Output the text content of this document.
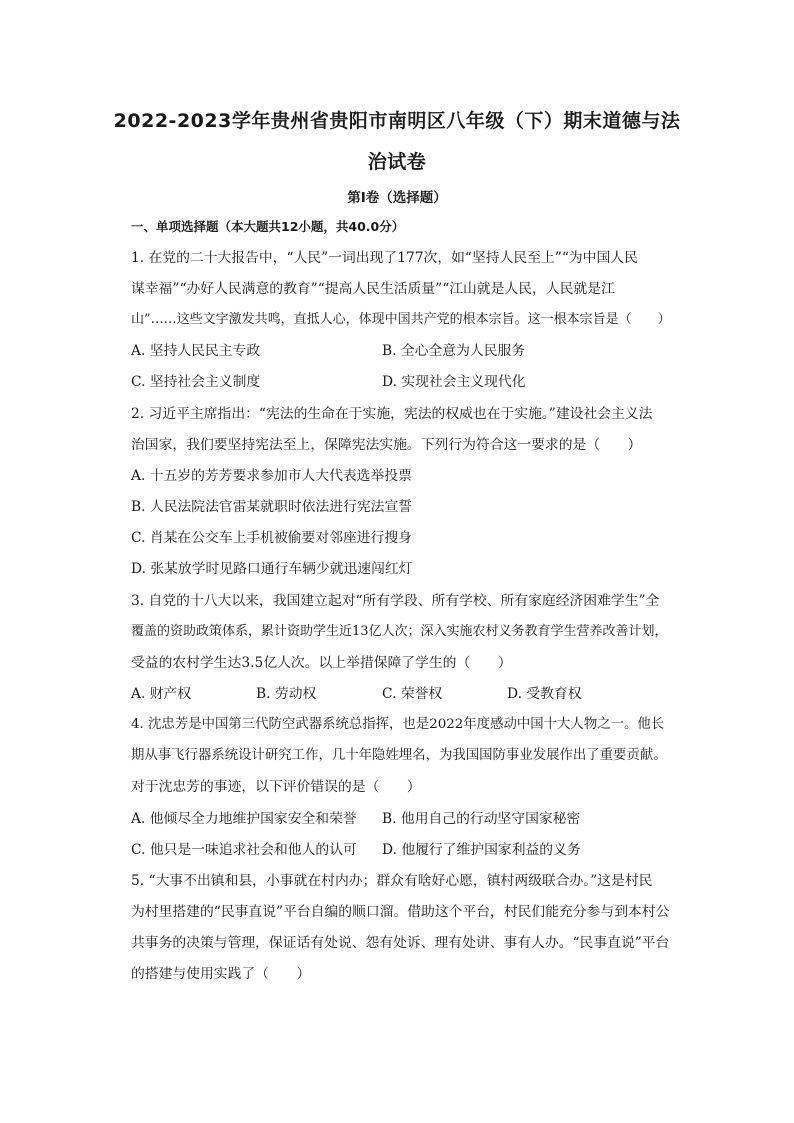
2022-2023学年贵州省贵阳市南明区八年级（下）期末道德与法
治试卷
第Ⅰ卷（选择题）
一、单项选择题（本大题共12小题，共40.0分）
1. 在党的二十大报告中，“人民”一词出现了177次，如“坚持人民至上”“为中国人民
谋幸福”“办好人民满意的教育”“提高人民生活质量”“江山就是人民，人民就是江
山”……这些文字激发共鸣，直抵人心，体现中国共产党的根本宗旨。这一根本宗旨是（　　）
A. 坚持人民民主专政	B. 全心全意为人民服务
C. 坚持社会主义制度	D. 实现社会主义现代化
2. 习近平主席指出：“宪法的生命在于实施，宪法的权威也在于实施。”建设社会主义法
治国家，我们要坚持宪法至上，保障宪法实施。下列行为符合这一要求的是（　　）
A. 十五岁的芳芳要求参加市人大代表选举投票
B. 人民法院法官雷某就职时依法进行宪法宣誓
C. 肖某在公交车上手机被偷要对邻座进行搜身
D. 张某放学时见路口通行车辆少就迅速闯红灯
3. 自党的十八大以来，我国建立起对“所有学段、所有学校、所有家庭经济困难学生”全
覆盖的资助政策体系，累计资助学生近13亿人次；深入实施农村义务教育学生营养改善计划，
受益的农村学生达3.5亿人次。以上举措保障了学生的（　　）
A. 财产权	B. 劳动权	C. 荣誉权	D. 受教育权
4. 沈忠芳是中国第三代防空武器系统总指挥，也是2022年度感动中国十大人物之一。他长
期从事飞行器系统设计研究工作，几十年隐姓埋名，为我国国防事业发展作出了重要贡献。
对于沈忠芳的事迹，以下评价错误的是（　　）
A. 他倾尽全力地维护国家安全和荣誉 B. 他用自己的行动坚守国家秘密
C. 他只是一味追求社会和他人的认可 D. 他履行了维护国家利益的义务
5. “大事不出镇和县，小事就在村内办；群众有啥好心愿，镇村两级联合办。”这是村民
为村里搭建的“民事直说”平台自编的顺口溜。借助这个平台，村民们能充分参与到本村公
共事务的决策与管理，保证话有处说、怨有处诉、理有处讲、事有人办。“民事直说”平台
的搭建与使用实践了（　　）
